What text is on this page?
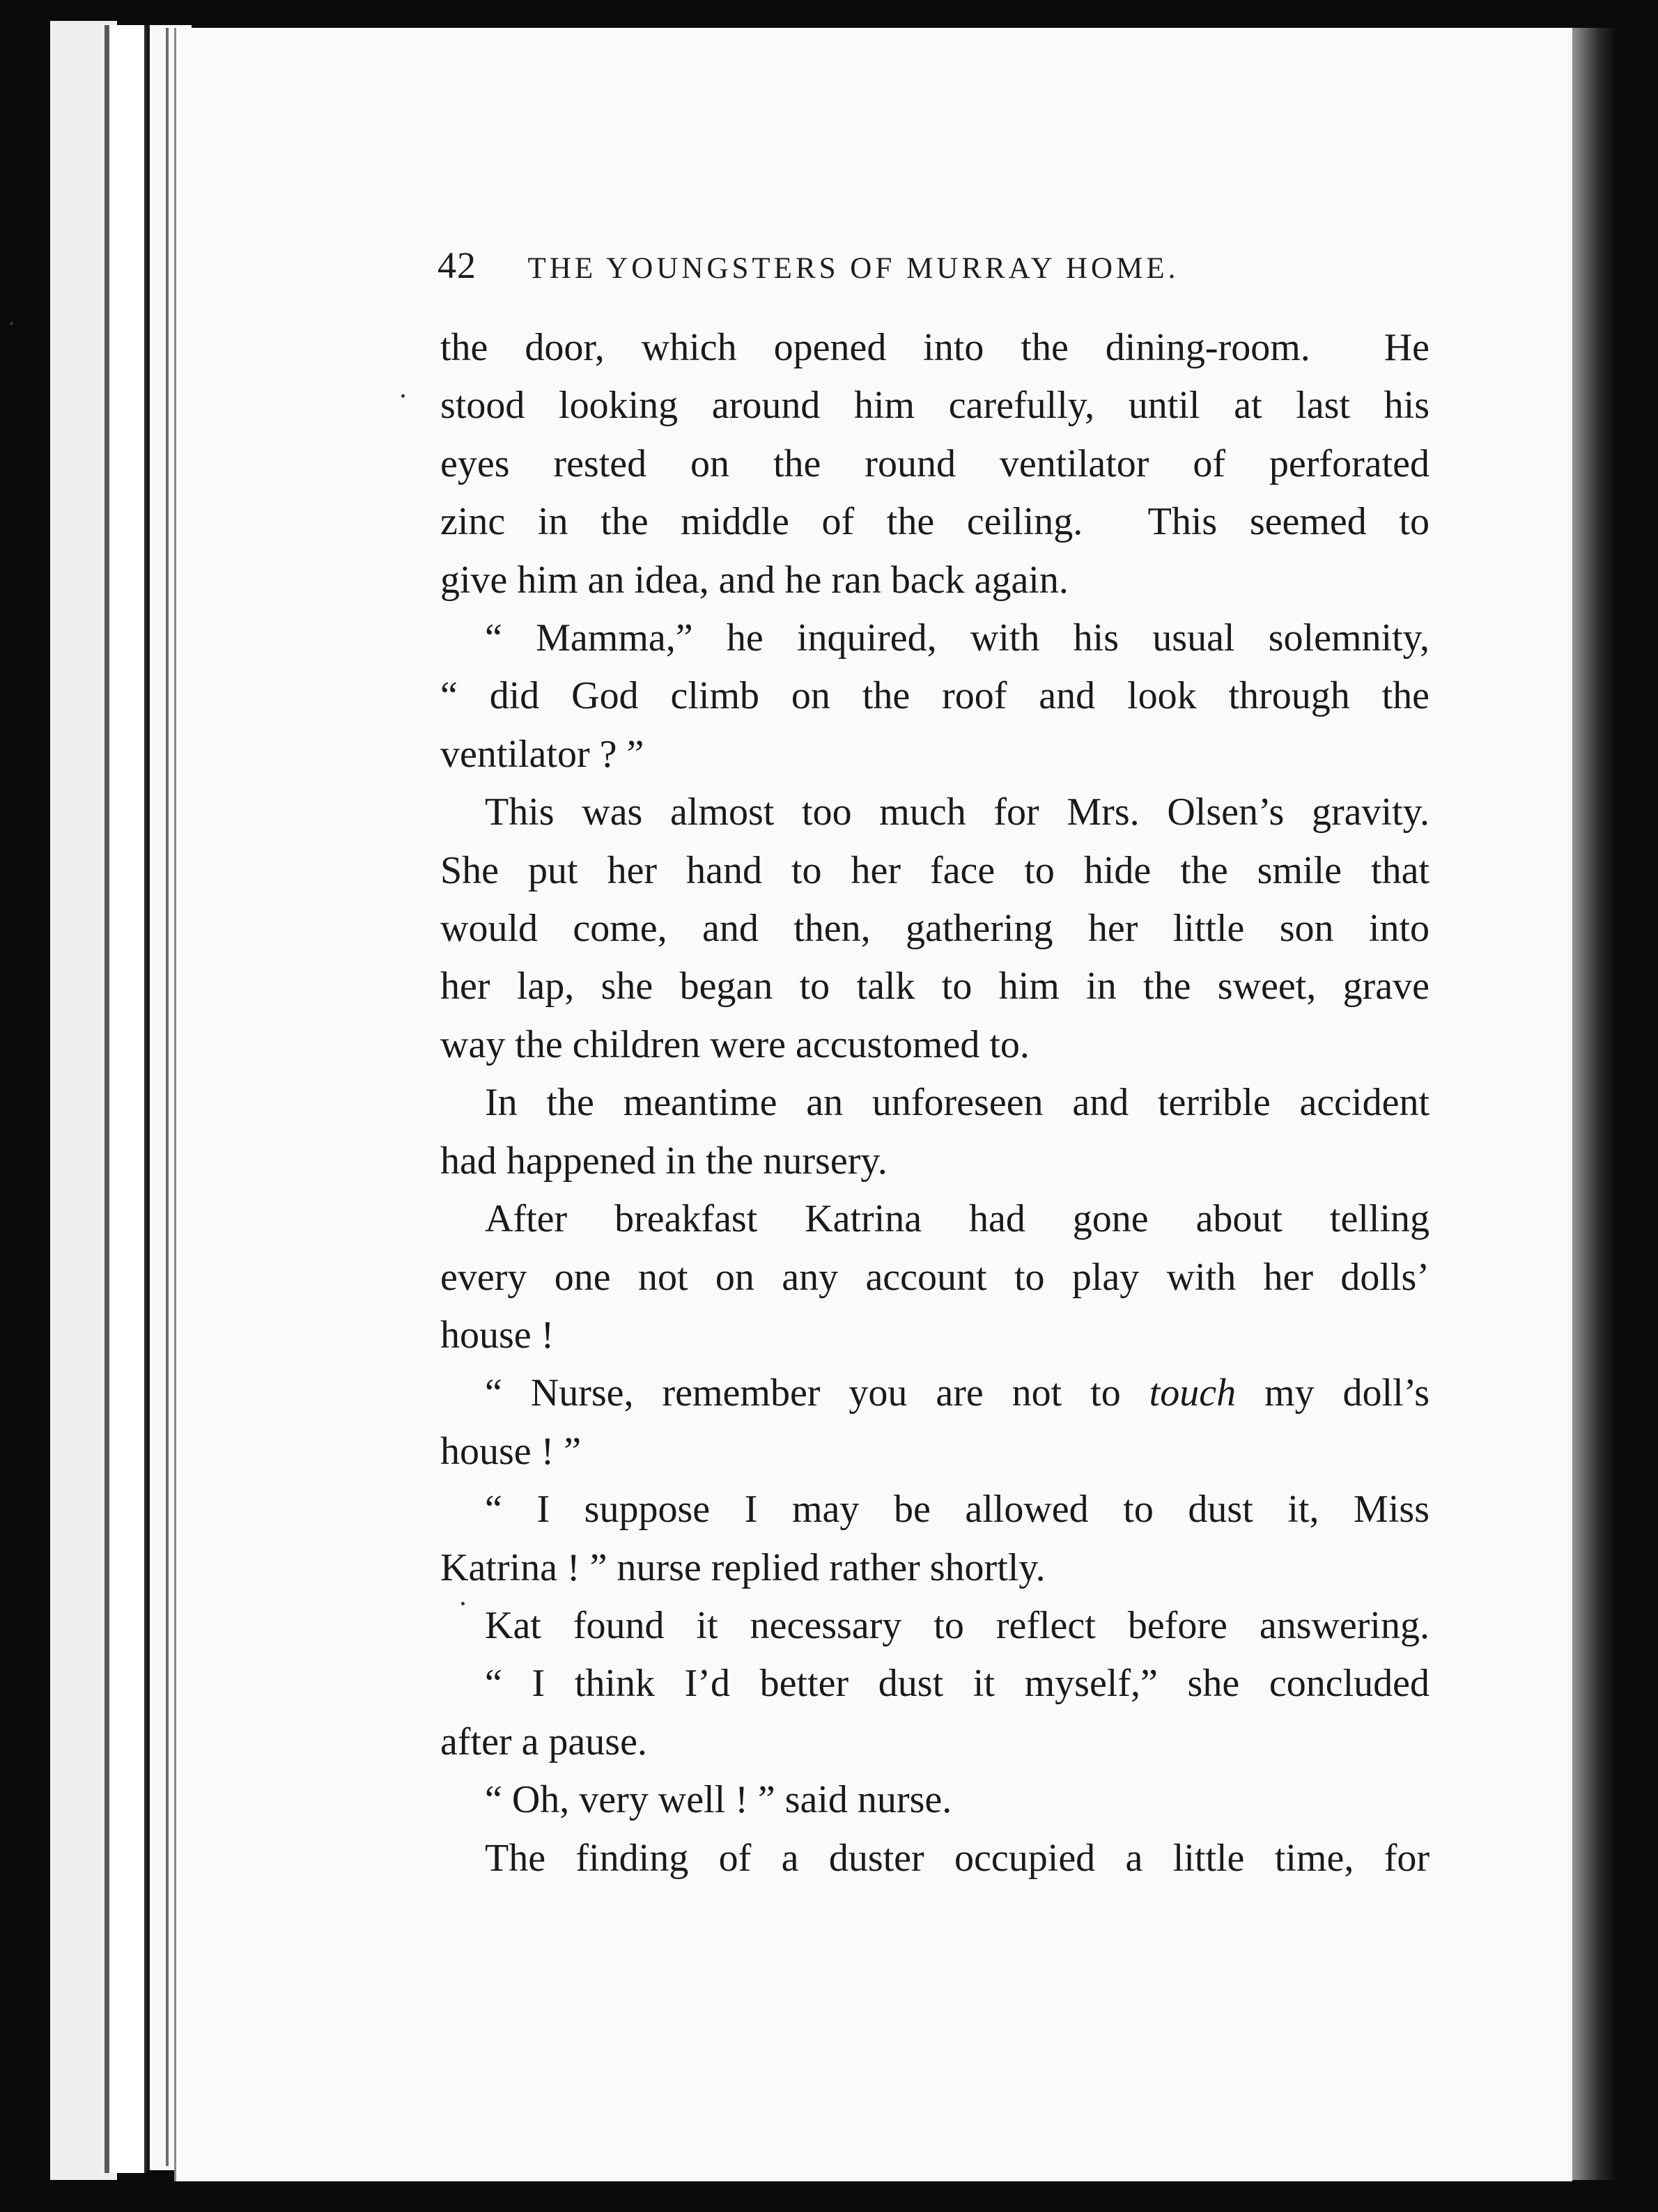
42 THE YOUNGSTERS OF MURRAY HOME.

the door, which opened into the dining-room.  He

stood looking around him carefully, until at last his

eyes rested on the round ventilator of perforated

zinc in the middle of the ceiling.  This seemed to

give him an idea, and he ran back again.

“ Mamma,” he inquired, with his usual solemnity,

“ did God climb on the roof and look through the

ventilator ? ”

This was almost too much for Mrs. Olsen’s gravity.

She put her hand to her face to hide the smile that

would come, and then, gathering her little son into

her lap, she began to talk to him in the sweet, grave

way the children were accustomed to.

In the meantime an unforeseen and terrible accident

had happened in the nursery.

After breakfast Katrina had gone about telling

every one not on any account to play with her dolls’

house !

“ Nurse, remember you are not to touch my doll’s

house ! ”

“ I suppose I may be allowed to dust it, Miss

Katrina ! ” nurse replied rather shortly.

Kat found it necessary to reflect before answering.

“ I think I’d better dust it myself,” she concluded

after a pause.

“ Oh, very well ! ” said nurse.

The finding of a duster occupied a little time, for
